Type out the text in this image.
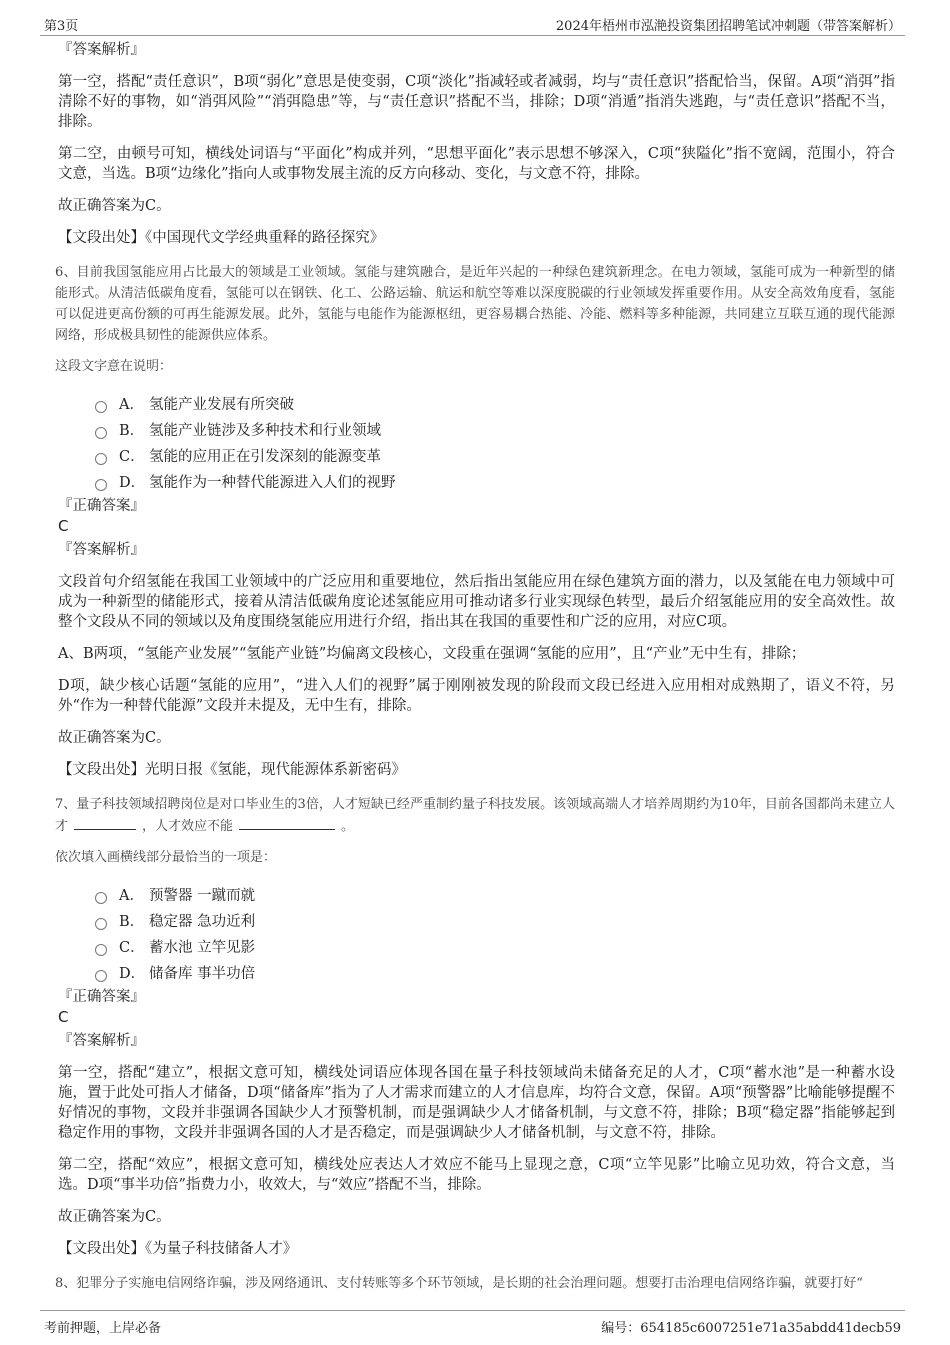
第3页	2024年梧州市泓滟投资集团招聘笔试冲刺题（带答案解析）
『答案解析』
第一空，搭配“责任意识”，B项“弱化”意思是使变弱，C项“淡化”指减轻或者减弱，均与“责任意识”搭配恰当，保留。A项“消弭”指清除不好的事物，如“消弭风险”“消弭隐患”等，与“责任意识”搭配不当，排除；D项“消遁”指消失逃跑，与“责任意识”搭配不当，排除。
第二空，由顿号可知，横线处词语与“平面化”构成并列，“思想平面化”表示思想不够深入，C项“狭隘化”指不宽阔，范围小，符合文意，当选。B项“边缘化”指向人或事物发展主流的反方向移动、变化，与文意不符，排除。
故正确答案为C。
【文段出处】《中国现代文学经典重释的路径探究》
6、目前我国氢能应用占比最大的领域是工业领域。氢能与建筑融合，是近年兴起的一种绿色建筑新理念。在电力领域，氢能可成为一种新型的储能形式。从清洁低碳角度看，氢能可以在钢铁、化工、公路运输、航运和航空等难以深度脱碳的行业领域发挥重要作用。从安全高效角度看，氢能可以促进更高份额的可再生能源发展。此外，氢能与电能作为能源枢纽，更容易耦合热能、冷能、燃料等多种能源，共同建立互联互通的现代能源网络，形成极具韧性的能源供应体系。
这段文字意在说明：
A． 氢能产业发展有所突破
B． 氢能产业链涉及多种技术和行业领域
C． 氢能的应用正在引发深刻的能源变革
D． 氢能作为一种替代能源进入人们的视野
『正确答案』
C
『答案解析』
文段首句介绍氢能在我国工业领域中的广泛应用和重要地位，然后指出氢能应用在绿色建筑方面的潜力，以及氢能在电力领域中可成为一种新型的储能形式，接着从清洁低碳角度论述氢能应用可推动诸多行业实现绿色转型，最后介绍氢能应用的安全高效性。故整个文段从不同的领域以及角度围绕氢能应用进行介绍，指出其在我国的重要性和广泛的应用，对应C项。
A、B两项，“氢能产业发展”“氢能产业链”均偏离文段核心，文段重在强调“氢能的应用”，且“产业”无中生有，排除；
D项，缺少核心话题“氢能的应用”，“进入人们的视野”属于刚刚被发现的阶段而文段已经进入应用相对成熟期了，语义不符，另外“作为一种替代能源”文段并未提及，无中生有，排除。
故正确答案为C。
【文段出处】光明日报《氢能，现代能源体系新密码》
7、量子科技领域招聘岗位是对口毕业生的3倍，人才短缺已经严重制约量子科技发展。该领域高端人才培养周期约为10年，目前各国都尚未建立人才	，人才效应不能	。
依次填入画横线部分最恰当的一项是：
A． 预警器 一蹴而就
B． 稳定器 急功近利
C． 蓄水池 立竿见影
D． 储备库 事半功倍
『正确答案』
C
『答案解析』
第一空，搭配“建立”，根据文意可知，横线处词语应体现各国在量子科技领域尚未储备充足的人才，C项“蓄水池”是一种蓄水设施，置于此处可指人才储备，D项“储备库”指为了人才需求而建立的人才信息库，均符合文意，保留。A项“预警器”比喻能够提醒不好情况的事物，文段并非强调各国缺少人才预警机制，而是强调缺少人才储备机制，与文意不符，排除；B项“稳定器”指能够起到稳定作用的事物，文段并非强调各国的人才是否稳定，而是强调缺少人才储备机制，与文意不符，排除。
第二空，搭配“效应”，根据文意可知，横线处应表达人才效应不能马上显现之意，C项“立竿见影”比喻立见功效，符合文意，当选。D项“事半功倍”指费力小，收效大，与“效应”搭配不当，排除。
故正确答案为C。
【文段出处】《为量子科技储备人才》
8、犯罪分子实施电信网络诈骗，涉及网络通讯、支付转账等多个环节领域，是长期的社会治理问题。想要打击治理电信网络诈骗，就要打好“
考前押题，上岸必备	编号：654185c6007251e71a35abdd41decb59
